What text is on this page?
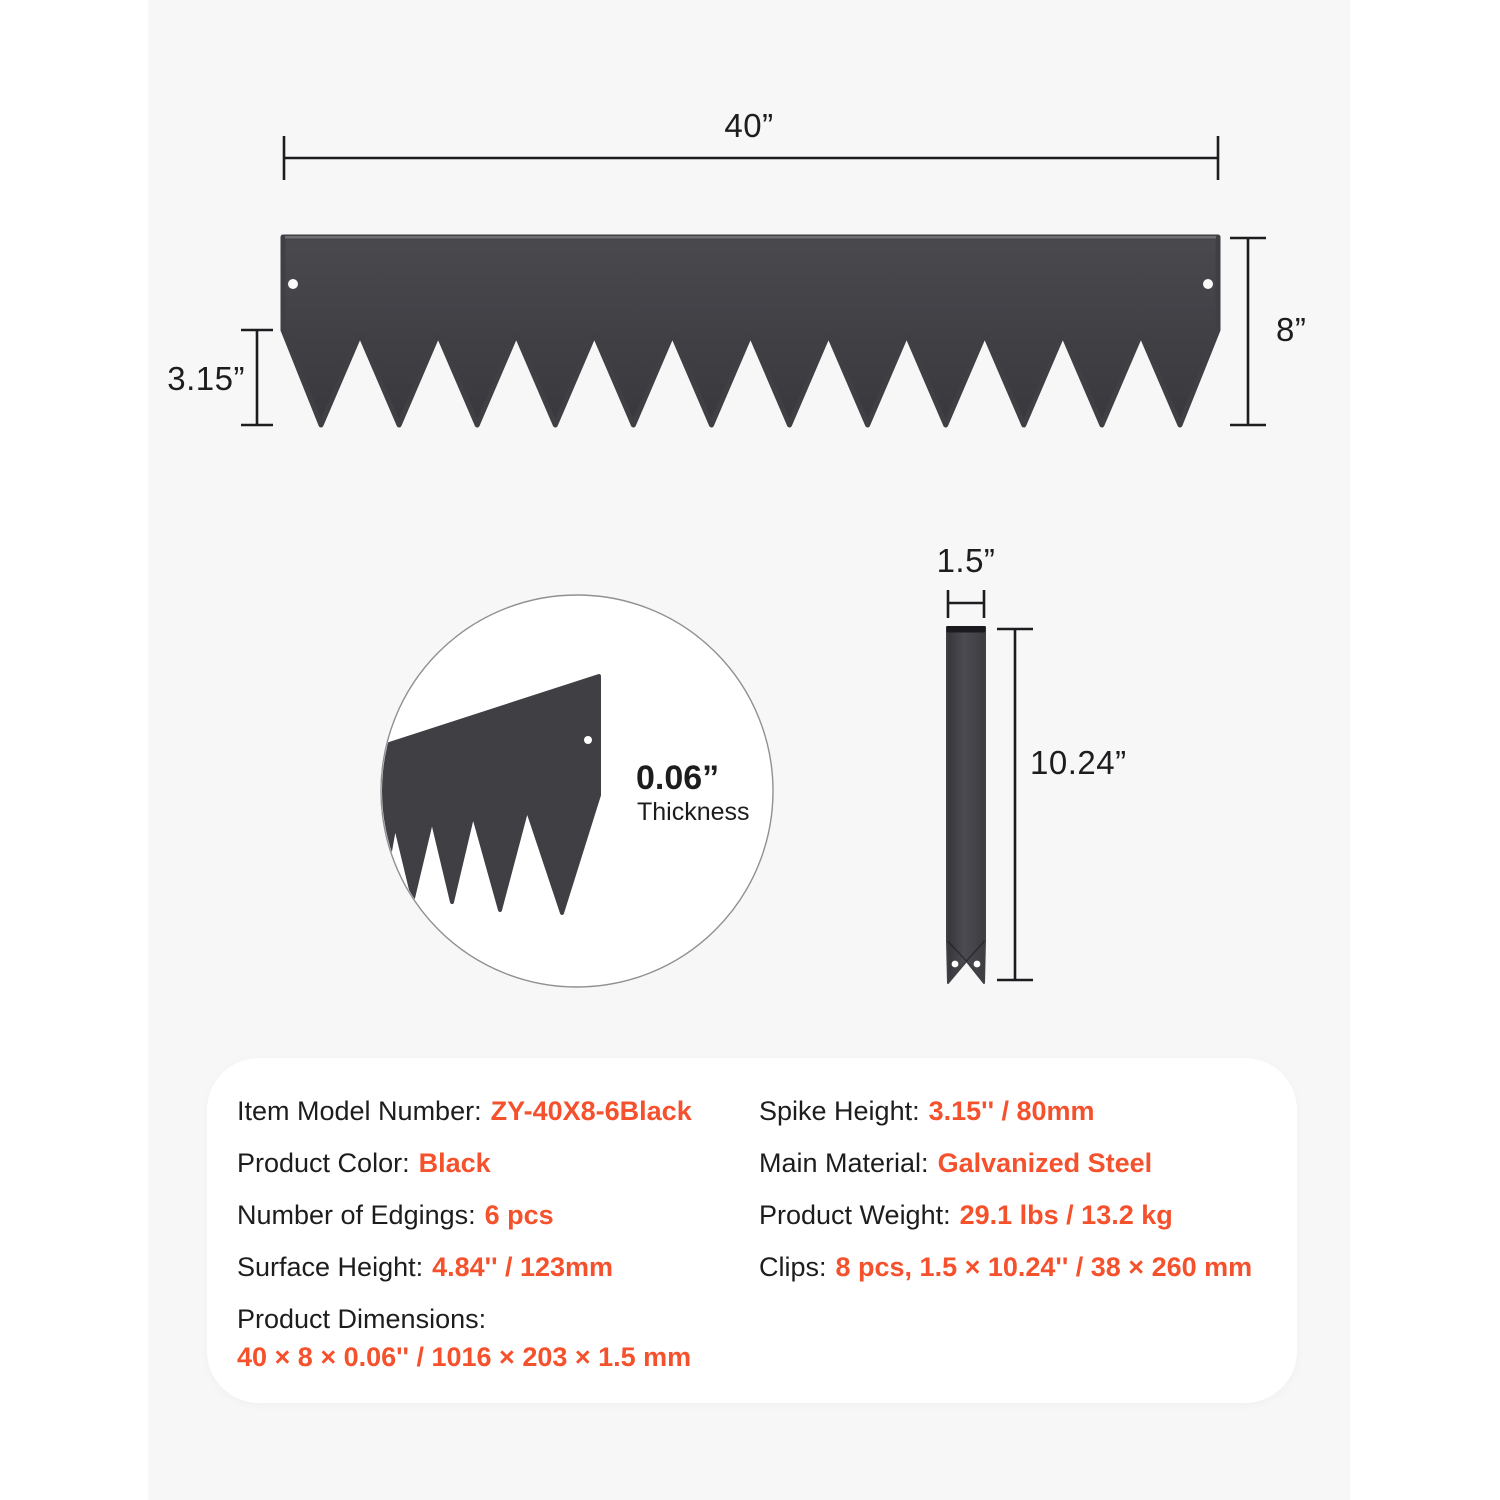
40”
8”
3.15”
0.06”
Thickness
1.5”
10.24”
Item Model Number: ZY-40X8-6Black
Product Color: Black
Number of Edgings: 6 pcs
Surface Height: 4.84'' / 123mm
Product Dimensions:
40 × 8 × 0.06'' / 1016 × 203 × 1.5 mm
Spike Height: 3.15'' / 80mm
Main Material: Galvanized Steel
Product Weight: 29.1 lbs / 13.2 kg
Clips: 8 pcs, 1.5 × 10.24'' / 38 × 260 mm
